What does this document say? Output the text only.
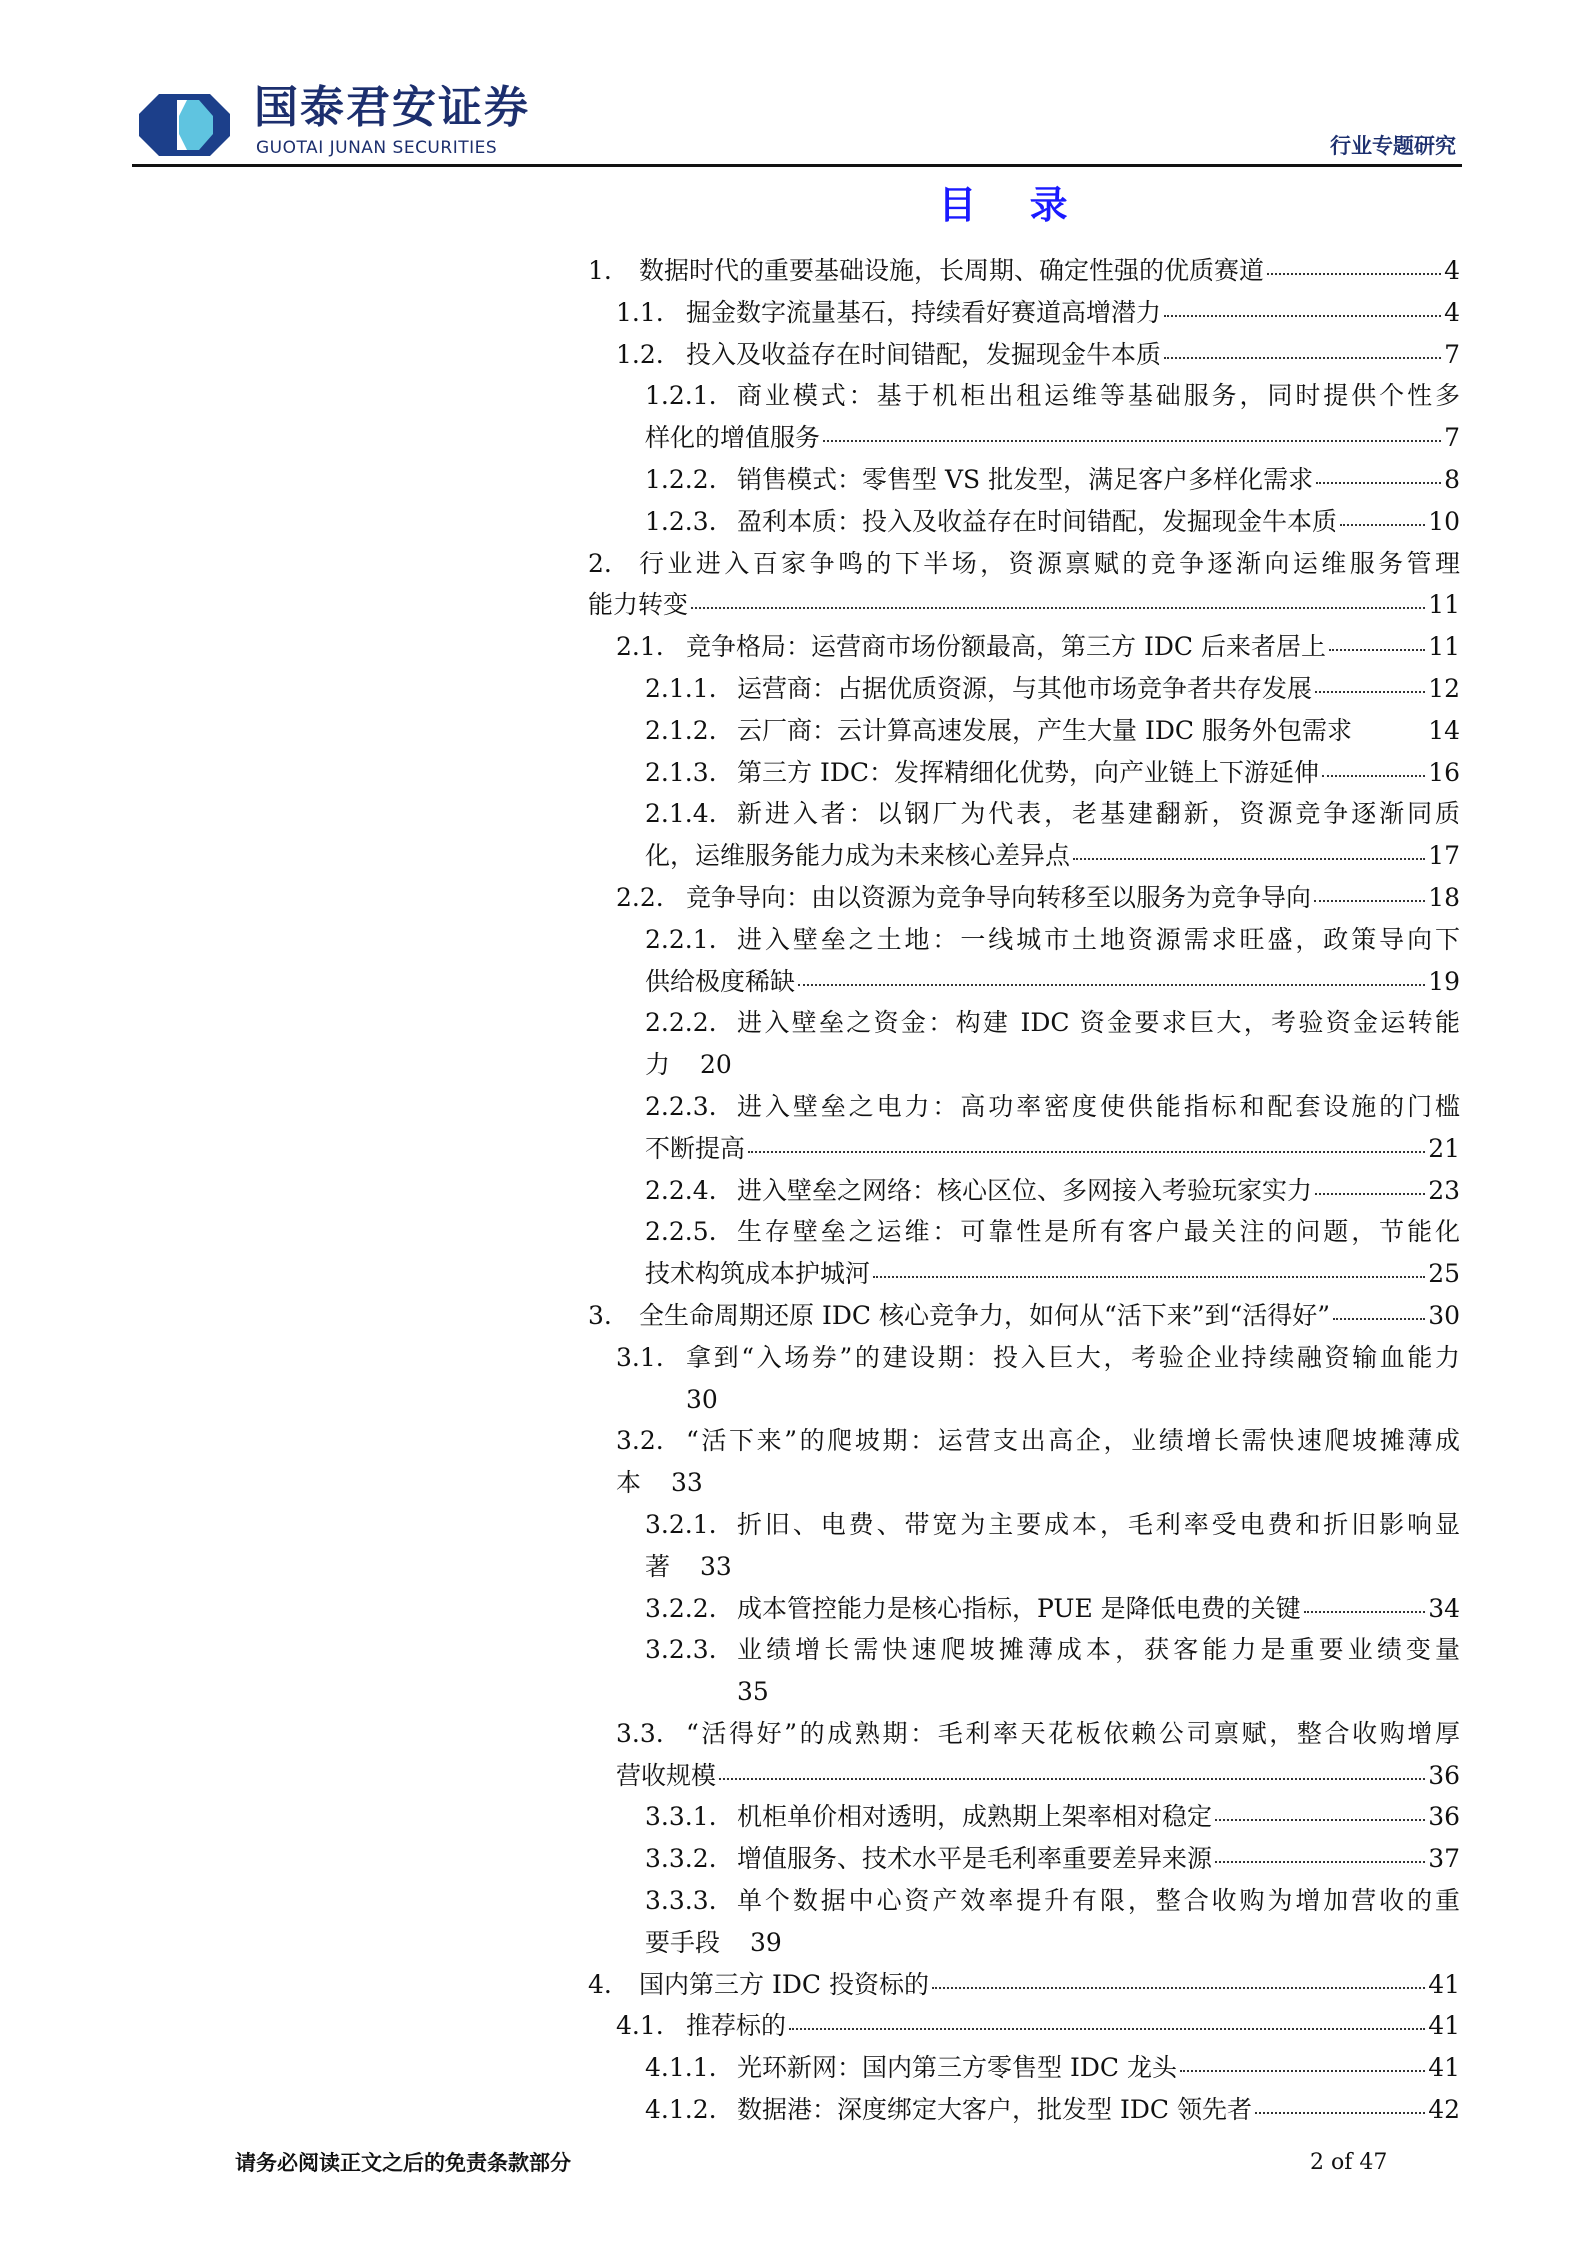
国泰君安证券
GUOTAI JUNAN SECURITIES	行业专题研究
目 录
1.	数据时代的重要基础设施，长周期、确定性强的优质赛道	4
1.1. 掘金数字流量基石，持续看好赛道高增潜力	4
1.2. 投入及收益存在时间错配，发掘现金牛本质	7
1.2.1. 商业模式：基于机柜出租运维等基础服务，同时提供个性多
样化的增值服务	7
1.2.2. 销售模式：零售型 VS 批发型，满足客户多样化需求	8
1.2.3. 盈利本质：投入及收益存在时间错配，发掘现金牛本质	10
2.	行业进入百家争鸣的下半场，资源禀赋的竞争逐渐向运维服务管理
能力转变	11
2.1. 竞争格局：运营商市场份额最高，第三方 IDC 后来者居上	11
2.1.1. 运营商：占据优质资源，与其他市场竞争者共存发展	12
2.1.2. 云厂商：云计算高速发展，产生大量 IDC 服务外包需求	14
2.1.3. 第三方 IDC：发挥精细化优势，向产业链上下游延伸	16
2.1.4. 新进入者：以钢厂为代表，老基建翻新，资源竞争逐渐同质
化，运维服务能力成为未来核心差异点	17
2.2. 竞争导向：由以资源为竞争导向转移至以服务为竞争导向	18
2.2.1. 进入壁垒之土地：一线城市土地资源需求旺盛，政策导向下
供给极度稀缺	19
2.2.2. 进入壁垒之资金：构建 IDC 资金要求巨大，考验资金运转能
力 20
2.2.3. 进入壁垒之电力：高功率密度使供能指标和配套设施的门槛
不断提高	21
2.2.4. 进入壁垒之网络：核心区位、多网接入考验玩家实力	23
2.2.5. 生存壁垒之运维：可靠性是所有客户最关注的问题，节能化
技术构筑成本护城河	25
3.	全生命周期还原 IDC 核心竞争力，如何从“活下来”到“活得好”	30
3.1. 拿到“入场券”的建设期：投入巨大，考验企业持续融资输血能力
30
3.2. “活下来”的爬坡期：运营支出高企，业绩增长需快速爬坡摊薄成
本 33
3.2.1. 折旧、电费、带宽为主要成本，毛利率受电费和折旧影响显
著 33
3.2.2. 成本管控能力是核心指标，PUE 是降低电费的关键	34
3.2.3. 业绩增长需快速爬坡摊薄成本，获客能力是重要业绩变量
35
3.3. “活得好”的成熟期：毛利率天花板依赖公司禀赋，整合收购增厚
营收规模	36
3.3.1. 机柜单价相对透明，成熟期上架率相对稳定	36
3.3.2. 增值服务、技术水平是毛利率重要差异来源	37
3.3.3. 单个数据中心资产效率提升有限，整合收购为增加营收的重
要手段 39
4.	国内第三方 IDC 投资标的	41
4.1. 推荐标的	41
4.1.1. 光环新网：国内第三方零售型 IDC 龙头	41
4.1.2. 数据港：深度绑定大客户，批发型 IDC 领先者	42
请务必阅读正文之后的免责条款部分	2 of 47
